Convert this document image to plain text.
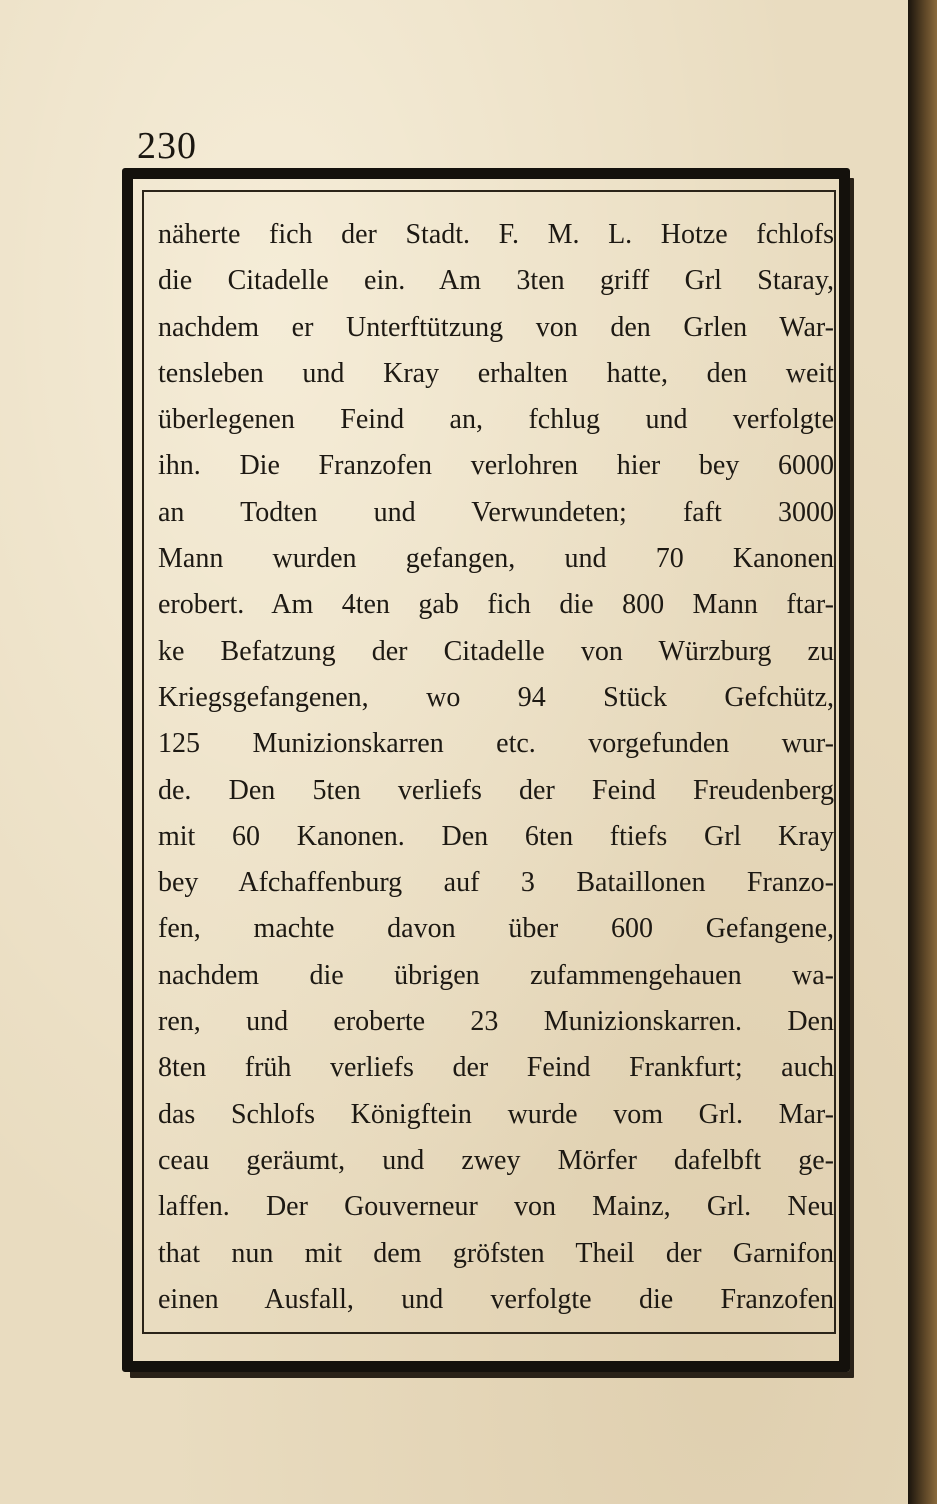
230
näherte fich der Stadt. F. M. L. Hotze fchlofs
die Citadelle ein. Am 3ten griff Grl Staray,
nachdem er Unterftützung von den Grlen War-
tensleben und Kray erhalten hatte, den weit
überlegenen Feind an, fchlug und verfolgte
ihn. Die Franzofen verlohren hier bey 6000
an Todten und Verwundeten; faft 3000
Mann wurden gefangen, und 70 Kanonen
erobert. Am 4ten gab fich die 800 Mann ftar-
ke Befatzung der Citadelle von Würzburg zu
Kriegsgefangenen, wo 94 Stück Gefchütz,
125 Munizionskarren etc. vorgefunden wur-
de. Den 5ten verliefs der Feind Freudenberg
mit 60 Kanonen. Den 6ten ftiefs Grl Kray
bey Afchaffenburg auf 3 Bataillonen Franzo-
fen, machte davon über 600 Gefangene,
nachdem die übrigen zufammengehauen wa-
ren, und eroberte 23 Munizionskarren. Den
8ten früh verliefs der Feind Frankfurt; auch
das Schlofs Königftein wurde vom Grl. Mar-
ceau geräumt, und zwey Mörfer dafelbft ge-
laffen. Der Gouverneur von Mainz, Grl. Neu
that nun mit dem gröfsten Theil der Garnifon
einen Ausfall, und verfolgte die Franzofen
